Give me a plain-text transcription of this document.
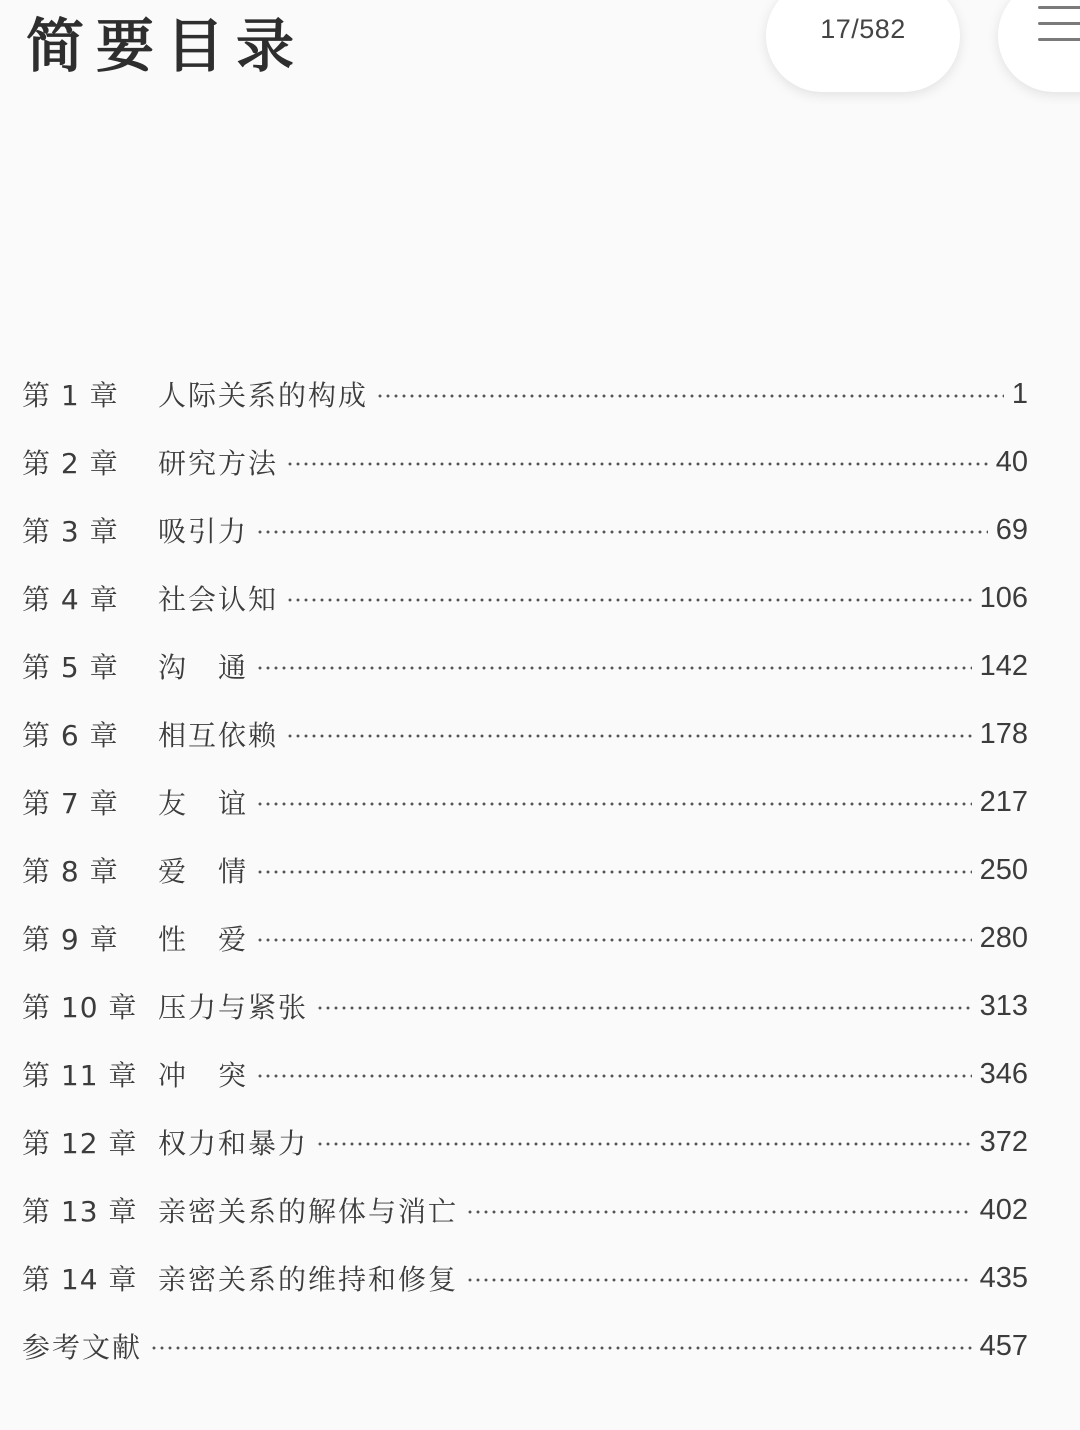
简要目录	17/582
第 1 章	人际关系的构成	1
第 2 章	研究方法	40
第 3 章	吸引力	69
第 4 章	社会认知	106
第 5 章	沟　通	142
第 6 章	相互依赖	178
第 7 章	友　谊	217
第 8 章	爱　情	250
第 9 章	性　爱	280
第 10 章 压力与紧张	313
第 11 章 冲　突	346
第 12 章 权力和暴力	372
第 13 章 亲密关系的解体与消亡	402
第 14 章 亲密关系的维持和修复	435
参考文献	457
